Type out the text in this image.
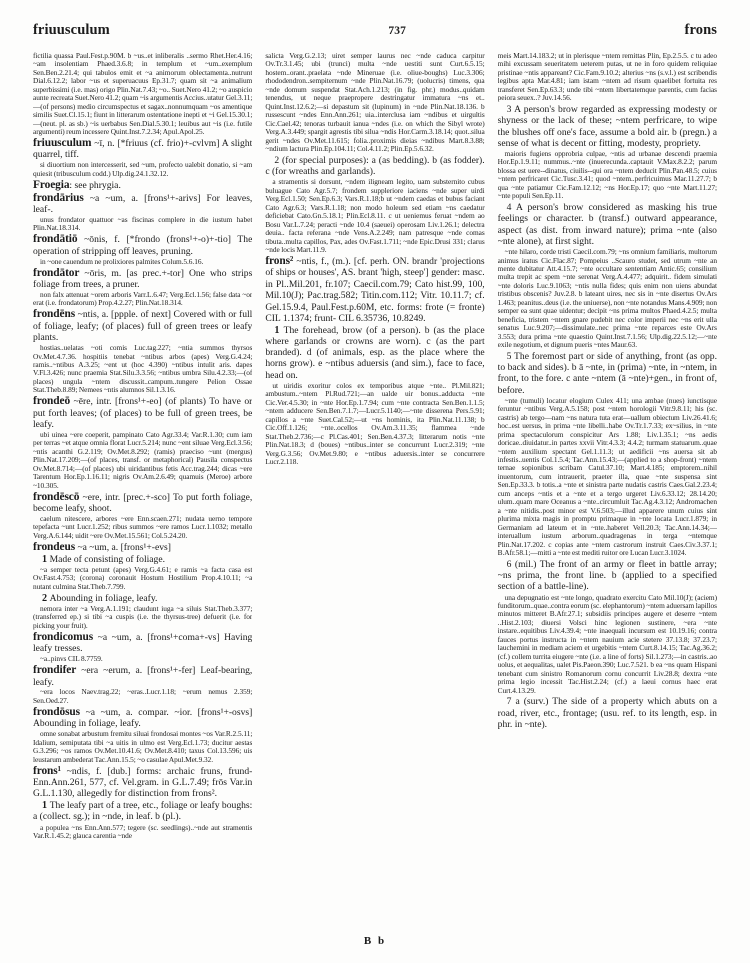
friuusculum	737	frons

fictilia quassa Paul.Fest.p.90M. b ~us..et inliberalis ..sermo Rhet.Her.4.16; ~am insolentiam Phaed.3.6.8; in templum et ~um..exemplum Sen.Ben.2.21.4; qui tabulos emit et ~a animorum oblectamenta..nutrunt Dial.6.12.2; labor ~us et superuacuus Ep.31.7; quam sit ~a animalium superbissimi (i.e. mas) origo Plin.Nat.7.43; ~o.. Suet.Nero 41.2; ~o auspicio aunte recreata Suet.Nero 41.2; quam ~is argumentis Accius..utatur Gel.3.11;—(of persons) medio circumspectus et sagax..nonnumquam ~os amentique similis Suet.Cl.15.1; fiunt in litterarum ostentatione inepti et ~i Gel.15.30.1;—(neut. pl. as sb.) ~is uerbabus Sen.Dial.5.30.1; leuibus aut ~is (i.e. futile argumenti) reum incessere Quint.Inst.7.2.34; Apul.Apol.25.

friuusculum ~ī, n. [*friuus (cf. frio)+-cvlvm] A slight quarrel, tiff.

si diuortium non intercesserit, sed ~um, profecto ualebit donatio, si ~am quiesit (tribusculum codd.) Ulp.dig.24.1.32.12.

Froegia: see phrygia.

frondārius ~a ~um, a. [frons¹+-arivs] For leaves, leaf-.

unus frondator quattuor ~as fiscinas complere in die iustum habet Plin.Nat.18.314.

frondātiō ~ōnis, f. [*frondo (frons¹+-o)+-tio] The operation of stripping off leaves, pruning.

in ~one cauendum ne prolixiores palmites Colum.5.6.16.

frondātor ~ōris, m. [as prec.+-tor] One who strips foliage from trees, a pruner.

non falx attenuat ~orem arboris Varr.L.6.47; Verg.Ecl.1.56; false data ~or erat (i.e. frondatorum) Prop.4.2.27; Plin.Nat.18.314.

frondēns ~ntis, a. [ppple. of next] Covered with or full of foliage, leafy; (of places) full of green trees or leafy plants.

hostias..uelatas ~oti comis Luc.tag.227; ~ntia summos thyrsos Ov.Met.4.7.36. hospitiis tenebat ~ntibus arbos (apes) Verg.G.4.24; ramis..~ntibus A.3.25; ~ent ut (hoc 4.390) ~ntibus intulit aris. dapes V.Fl.3.426; nunc praemia Stat.Silu.3.3.56; ~ntibus umbra Silu.4.2.33;—(of places) ungula ~ntem discussit..campum..tungere Pelion Ossae Stat.Theb.8.89; Nemees ~ntis alumnos Sil.1.3.16.

frondeō ~ēre, intr. [frons¹+-eo] (of plants) To have or put forth leaves; (of places) to be full of green trees, be leafy.

ubi uinea ~ere coeperit, pampinato Cato Agr.33.4; Var.R.1.30; cum iam per terras ~et atque omnia florat Lucr.5.214; nunc ~ent siluae Verg.Ecl.3.56; ~ntis acanthi G.2.119; Ov.Met.8.292; (ramis) praeciso ~unt (mergus) Plin.Nat.17.209;—(of places, transf. or metaphorical) Pausila conspectus Ov.Met.8.714;—(of places) ubi uiridantibus fetis Acc.trag.244; dicas ~ere Tarentum Hor.Ep.1.16.11; nigris Ov.Am.2.6.49; quamuis (Meroe) arbore ~10.305.

frondēscō ~ere, intr. [prec.+-sco] To put forth foliage, become leafy, shoot.

caelum nitescere, arbores ~ere Enn.scaen.271; nudata uerno tempore tepefacta ~unt Lucr.1.252; ribus summos ~ere ramos Lucr.1.1032; metallo Verg.A.6.144; uidit ~ere Ov.Met.15.561; Col.5.24.20.

frondeus ~a ~um, a. [frons¹+-evs]

1 Made of consisting of foliage.

~a semper tecta petunt (apes) Verg.G.4.61; e ramis ~a facta casa est Ov.Fast.4.753; (corona) coronauit Hostum Hostilium Prop.4.10.11; ~a nutant culmina Stat.Theb.7.799.

2 Abounding in foliage, leafy.

nemora inter ~a Verg.A.1.191; claudunt iuga ~a siluis Stat.Theb.3.377; (transferred ep.) si tibi ~a cuspis (i.e. the thyrsus-tree) defuerit (i.e. for picking your fruit).

frondicomus ~a ~um, a. [frons¹+coma+-vs] Having leafy tresses.

~a..pinvs CIL 8.7759.

frondifer ~era ~erum, a. [frons¹+-fer] Leaf-bearing, leafy.

~era locos Naev.trag.22; ~eras..Lucr.1.18; ~erum nemus 2.359; Sen.Oed.27.

frondōsus ~a ~um, a. compar. ~ior. [frons¹+-osvs] Abounding in foliage, leafy.

omne sonabat arbustum fremitu siluai frondosai montes ~os Var.R.2.5.11; Idalium, semiputata tibi ~a uitis in ulmo est Verg.Ecl.1.73; ducitur aestas G.3.296; ~os ramos Ov.Met.10.41.6; Ov.Met.8.410; taxus Col.13.596; uis leustarum ambederat Tac.Ann.15.5; ~o casulae Apul.Met.9.32.

frons¹ ~ndis, f. [dub.] forms: archaic fruns, frund- Enn.Ann.261, 577, cf. Vel.gram. in G.L.7.49; frōs Var.in G.L.1.130, allegedly for distinction from frons².

1 The leafy part of a tree, etc., foliage or leafy boughs: a (collect. sg.); in ~nde, in leaf. b (pl.).

a populea ~ns Enn.Ann.577; tegere (sc. seedlings)..~nde aut stramentis Var.R.1.45.2; glauca carentia ~nde

salicta Verg.G.2.13; uiret semper laurus nec ~nde caduca carpitur Ov.Tr.3.1.45; ubi (trunci) multa ~nde uestiti sunt Curt.6.5.15; hostem..orant..praelata ~nde Mineruae (i.e. oliue-boughs) Luc.3.306; rhododendron..sempiternum ~nde Plin.Nat.16.79; (uolucris) timens, qua ~nde domum suspendat Stat.Ach.1.213; (in fig. phr.) modus..quidam tenendus, ut neque praepropere destringatur immatura ~ns et.. Quint.Inst.12.6.2;—si depastum sit (lupinum) in ~nde Plin.Nat.18.136. b russescunt ~ndes Enn.Ann.261; uia..interclusa iam ~ndibus et uirgultis Cic.Cael.42; tenoras turbauit ianua ~ndes (i.e. on which the Sibyl wrote) Verg.A.3.449; spargit agrestis tibi silua ~ndis Hor.Carm.3.18.14; quot..silua gerit ~ndes Ov.Met.11.615; folia..proximis dieias ~ndibus Mart.8.3.88; ~ndium lactura Plin.Ep.104.11; Col.4.11.2; Plin.Ep.5.6.32.

2 (for special purposes): a (as bedding). b (as fodder). c (for wreaths and garlands).

a stramentis si dorsunt, ~ndem iligneam legito, uam substernito cubus buluague Cato Agr.5.7; frondem suppleriore iaciens ~nde super uirdi Verg.Ecl.1.50; Sen.Ep.6.3; Vars.R.1.18;b ut ~ndem caedas et bubus faciant Cato Agr.6.3; Vars.R.1.18; non modo holeum sed etiam ~ns caedatur deficiebat Cato.Gn.5.18.1; Plin.Ecl.8.11. c ut ueniemus feruat ~ndem ao Bosu Var.L.7.24; peracti ~nde 10.4 (saeuei) operosam Liv.1.26.1; delectra deuia.. facta referana ~nde Vens.A.2.249; nam patresque ~nde comas tibuta..multa capillos, Pax, ades Ov.Fast.1.711; ~nde Epic.Drusi 331; clarus ~nde locis Mart.11.9.

frons² ~ntis, f., (m.). [cf. perh. ON. brandr 'projections of ships or houses', AS. brant 'high, steep'] gender: masc. in Pl..Mil.201, fr.107; Caecil.com.79; Cato hist.99, 100, Mil.10(J); Pac.trag.582; Titin.com.112; Vitr. 10.11.7; cf. Gel.15.9.4, Paul.Fest.p.60M, etc. forms: frote (= fronte) CIL 1.1374; frunt- CIL 6.35736, 10.8249.

1 The forehead, brow (of a person). b (as the place where garlands or crowns are worn). c (as the part branded). d (of animals, esp. as the place where the horns grow). e ~ntibus aduersis (and sim.), face to face, head on.

ut uiridis exoritur colos ex temporibus atque ~nte.. Pl.Mil.821; ambustum..~ntem Pl.Rud.721;—an ualde uir bonus..adducta ~nte Cic.Ver.4.5.30; in ~nte Hor.Ep.1.7.94; cum ~nte contracta Sen.Ben.1.1.5; ~ntem adducere Sen.Ben.7.1.7;—Lucr.5.1140;—~nte disserena Pers.5.91; capillos a ~nte Suet.Cal.52;—ut ~ns hominis, ita Plin.Nat.11.138; b Cic.Off.1.126; ~nte..ocellos Ov.Am.3.11.35; flammea ~nde Stat.Theb.2.736;—c Pl.Cas.401; Sen.Ben.4.37.3; litterarum notis ~nte Plin.Nat.18.3; d (boues) ~ntibus..inter se concurrunt Lucr.2.319; ~nte Verg.G.3.56; Ov.Met.9.80; e ~ntibus aduersis..inter se concurrere Lucr.2.118.

meis Mart.14.183.2; ut in plerisque ~ntem remittas Plin, Ep.2.5.5. c tu adeo mihi excussam seueritatem ueterem putas, ut ne in foro quidem reliquiae pristinae ~ntis appareant? Cic.Fam.9.10.2; alterius ~ns (s.v.l.) est scribendis legibus apta Mar.4.81; iam istam ~ntem ad risum quaelibet fortuita res transferet Sen.Ep.63.3; unde tibi ~ntem libertatemque parentis, cum facias peiora seuex..? Juv.14.56.

3 A person's brow regarded as expressing modesty or shyness or the lack of these; ~ntem perfricare, to wipe the blushes off one's face, assume a bold air. b (pregn.) a sense of what is decent or fitting, modesty, propriety.

maioris fugiens opprobria culpae, ~ntis ad urbanae descendi praemia Hor.Ep.1.9.11; nummus..~nte (inuerecunda..captauit V.Max.8.2.2; parum blossa est uere--dinatus, ciuilis--qui ora ~ntem deducit Plin.Pan.48.5; cuius ~ntem perfricaret Cic.Tusc.3.41; quod ~ntem..perfricuimus Mar.11.27.7; b qua ~nte patiamur Cic.Fam.12.12; ~ns Hor.Ep.17; quo ~nte Mart.11.27; ~nte populi Sen.Ep.11.

4 A person's brow considered as masking his true feelings or character. b (transf.) outward appearance, aspect (as dist. from inward nature); prima ~nte (also ~nte alone), at first sight.

~nte hilaro, corde tristi Caecil.com.79; ~ns omnium familiaris, multorum animus iratus Cic.Flac.87; Pompeius ..Scauro studet, sed utrum ~nte an mente dubitatur Att.4.15.7; ~nte occultare sententiam Antic.65; consilium multa trepit ac spem ~nte serenat Verg.A.4.477; adquirit.. fidem simulati ~nte doloris Luc.9.1063; ~ntis nulla fides; quis enim non uiens abundat tristibus obscenis? Juv.2.8. b lateant uires, nec sis in ~nte disertus Ov.Ars 1.463; peanitus..deus (i.e. the uniuerse), non ~nte notandus Mans.4.909; non semper ea sunt quae uidentur; decipit ~ns prima multos Phaed.4.2.5; multa beneficia, tristem ~ntem gnare pudebit nec color imperii nec ~ns erit ulla senatus Luc.9.207;—dissimulate..nec prima ~nte reparces este Ov.Ars 3.553; dura prima ~nte quaestio Quint.Inst.7.1.56; Ulp.dig.22.5.12;—~nte exile negotium, et dignum pueris ~ntes Maur.63.

5 The foremost part or side of anything, front (as opp. to back and sides). b ā ~nte, in (prima) ~nte, in ~ntem, in front, to the fore. c ante ~ntem (ā ~nte)+gen., in front of, before.

~nte (tumuli) locatur elogium Culex 411; una ambae (nues) iunctisque feruntur ~ntibus Verg.A.5.158; post ~ntem horologii Vitr.9.8.11; his (sc. castris) ab tergo—nam ~ns natura tuta erat—uallum obiectum Liv.26.41.6; hoc..est uersus, in prima ~nte libelli..habe Ov.Tr.1.7.33; ex~silius, in ~nte prima spectaculorum conspicitur Ars 1.88; Liv.1.35.1; ~ns aedis doricae..diuidatur..in partes xxvii Vitr.4.3.3; 4.4.2; turmam statuarum..quae ~ntem auxilium spectant Gel.1.11.3; ut aedificii ~ns auersa sit ab infestis..uentis Col.1.5.4; Tac.Ann.15.43;—(applied to a shop-front) ~ntem ternae sopionibus scribam Catul.37.10; Mart.4.185; emptorem..nihil inuentorum, cum intrauerit, praeter illa, quae ~nte suspensa sint Sen.Ep.33.3. b totis..a ~nte et sinistra parte nudatis castris Caes.Gal.2.23.4; cum anceps ~ntis et a ~nte et a tergo urgeret Liv.6.33.12; 28.14.20; ulum..quam mare Oceanus a ~nte..circumluit Tac.Ag.4.3.12; Andromachen a ~nte nitidis..post minor est V.6.503;—illud apparere unum cuius sint plurima mixta magis in promptu primaque in ~nte locata Lucr.1.879; in Germaniam ad lateum et in ~nte..haberet Vell.20.3; Tac.Ann.14.34;—interuallum iustum arborum..quadragenas in terga ~ntemque Plin.Nat.17.202. c copias ante ~ntem castrorum instruit Caes.Civ.3.37.1; B.Afr.58.1;—mitti a ~nte est mediti ruitor ore Lucan Lucr.3.1024.

6 (mil.) The front of an army or fleet in battle array; ~ns prima, the front line. b (applied to a specified section of a battle-line).

una depugnatio est ~nte longo, quadrato exercitu Cato Mil.10(J); (aciem) funditorum..quae..contra eorum (sc. elephantorum) ~ntem aduersam lapillos minutos mitteret B.Afr.27.1; subsidiis principes augere et deserre ~ntem ..Hist.2.103; diuersi Volsci hinc legionen sustinere, ~era ~nte instare..equitibus Liv.4.39.4; ~nte inaequali incursum est 10.19.16; contra fauces portus instructa in ~ntem nauium acie stetere 37.13.8; 37.23.7; lauchemini in mediam aciem et urgebitis ~ntem Curt.8.14.15; Tac.Ag.36.2; (cf.) collem turrita eiugere ~nte (i.e. a line of forts) Sil.1.273;—in castris..ao uolus, et aequalitas, ualet Pis.Paeon.390; Luc.7.521. b ea ~ns quam Hispani tenebant cum sinistro Romanorum cornu concurrit Liv.28.8; dextra ~nte prima legio incessit Tac.Hist.2.24; (cf.) a laeui cornus haec erat Curt.4.13.29.

7 a (surv.) The side of a property which abuts on a road, river, etc., frontage; (usu. ref. to its length, esp. in phr. in ~nte).

B b
